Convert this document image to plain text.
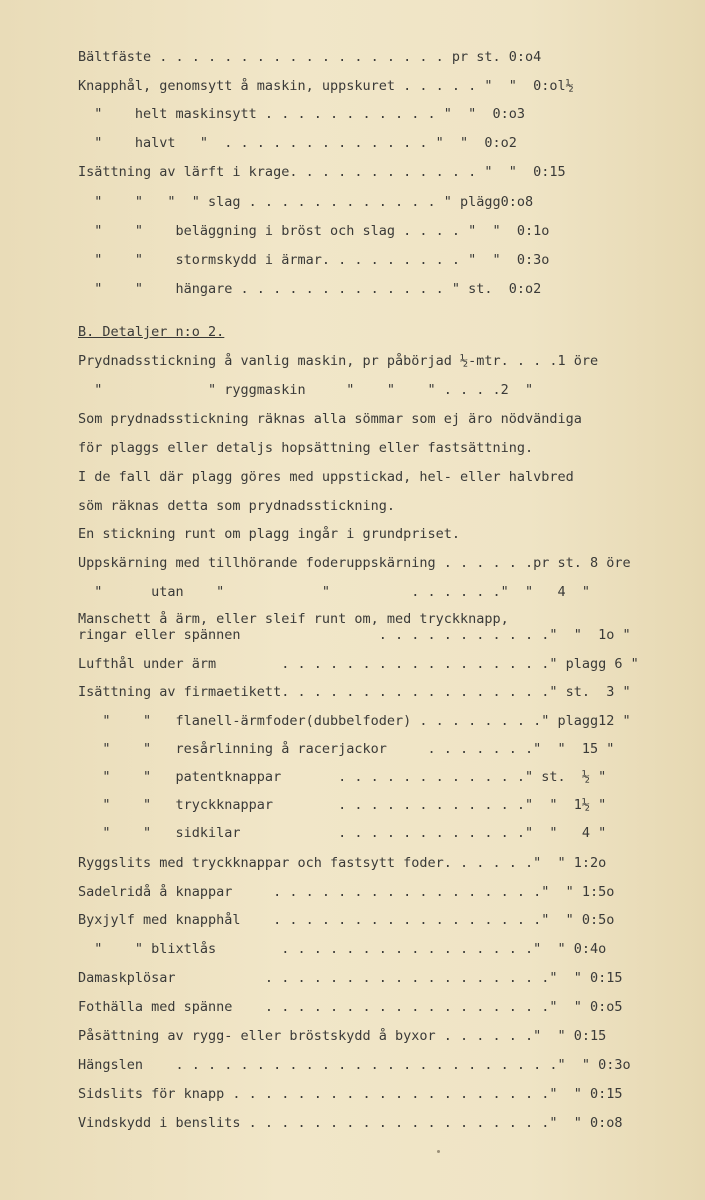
Bältfäste . . . . . . . . . . . . . . . . . . pr st. 0:o4
Knapphål, genomsytt å maskin, uppskuret . . . . . "  "  0:ol½
"    helt maskinsytt . . . . . . . . . . . "  "  0:o3
"    halvt   "  . . . . . . . . . . . . . "  "  0:o2
Isättning av lärft i krage. . . . . . . . . . . . "  "  0:15
"    "   "  " slag . . . . . . . . . . . . " plägg0:o8
"    "    beläggning i bröst och slag . . . . "  "  0:1o
"    "    stormskydd i ärmar. . . . . . . . . "  "  0:3o
"    "    hängare . . . . . . . . . . . . . " st.  0:o2
B. Detaljer n:o 2.
Prydnadsstickning å vanlig maskin, pr påbörjad ½-mtr. . . .1 öre
"             " ryggmaskin     "    "    " . . . .2  "
Som prydnadsstickning räknas alla sömmar som ej äro nödvändiga
för plaggs eller detaljs hopsättning eller fastsättning.
I de fall där plagg göres med uppstickad, hel- eller halvbred
söm räknas detta som prydnadsstickning.
En stickning runt om plagg ingår i grundpriset.
Uppskärning med tillhörande foderuppskärning . . . . . .pr st. 8 öre
"      utan    "            "          . . . . . ."  "   4  "
Manschett å ärm, eller sleif runt om, med tryckknapp,
ringar eller spännen                 . . . . . . . . . . ."  "  1o "
Lufthål under ärm        . . . . . . . . . . . . . . . . ." plagg 6 "
Isättning av firmaetikett. . . . . . . . . . . . . . . . ." st.  3 "
"    "   flanell-ärmfoder(dubbelfoder) . . . . . . . ." plagg12 "
"    "   resårlinning å racerjackor     . . . . . . ."  "  15 "
"    "   patentknappar       . . . . . . . . . . . ." st.  ½ "
"    "   tryckknappar        . . . . . . . . . . . ."  "  1½ "
"    "   sidkilar            . . . . . . . . . . . ."  "   4 "
Ryggslits med tryckknappar och fastsytt foder. . . . . ."  " 1:2o
Sadelridå å knappar     . . . . . . . . . . . . . . . . ."  " 1:5o
Byxjylf med knapphål    . . . . . . . . . . . . . . . . ."  " 0:5o
"    " blixtlås        . . . . . . . . . . . . . . . ."  " 0:4o
Damaskplösar           . . . . . . . . . . . . . . . . . ."  " 0:15
Fothälla med spänne    . . . . . . . . . . . . . . . . . ."  " 0:o5
Påsättning av rygg- eller bröstskydd å byxor . . . . . ."  " 0:15
Hängslen    . . . . . . . . . . . . . . . . . . . . . . . ."  " 0:3o
Sidslits för knapp . . . . . . . . . . . . . . . . . . . ."  " 0:15
Vindskydd i benslits . . . . . . . . . . . . . . . . . . ."  " 0:o8
